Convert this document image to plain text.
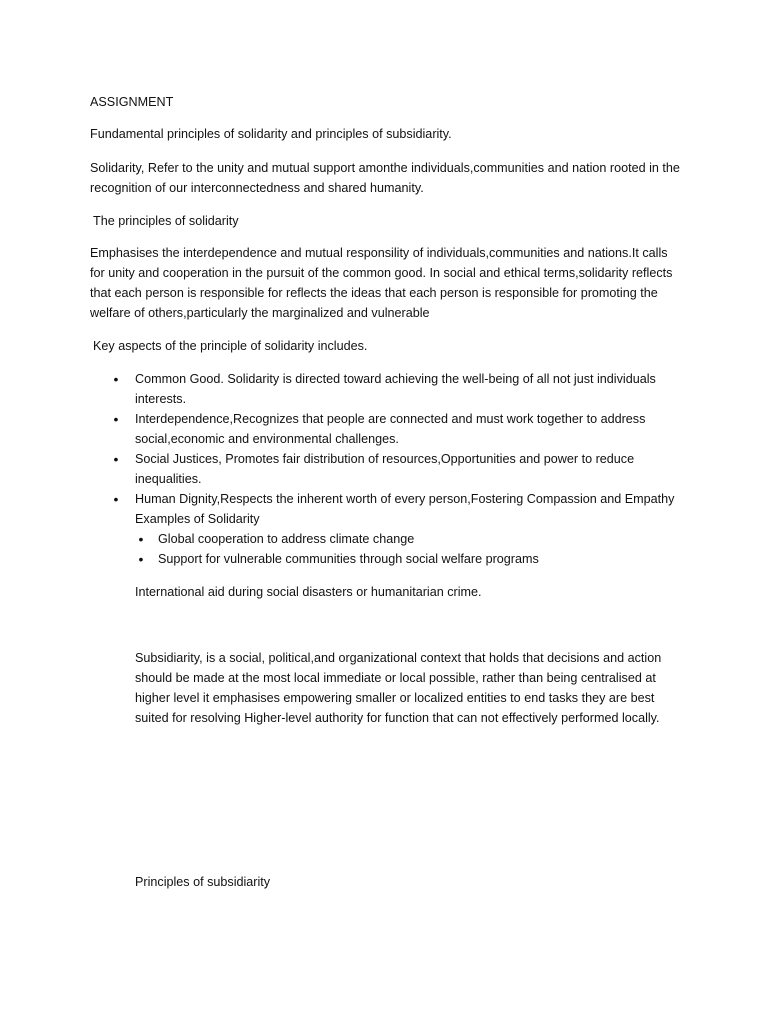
ASSIGNMENT

Fundamental principles of solidarity and principles of subsidiarity.

Solidarity, Refer to the unity and mutual support amonthe individuals,communities and nation rooted in the recognition of our interconnectedness and shared humanity.

The principles of solidarity

Emphasises the interdependence and mutual responsility of individuals,communities and nations.It calls for unity and cooperation in the pursuit of the common good. In social and ethical terms,solidarity reflects that each person is responsible for reflects the ideas that each person is responsible for promoting the welfare of others,particularly the marginalized and vulnerable

Key aspects of the principle of solidarity includes.

• Common Good. Solidarity is directed toward achieving the well-being of all not just individuals interests.
• Interdependence,Recognizes that people are connected and must work together to address social,economic and environmental challenges.
• Social Justices, Promotes fair distribution of resources,Opportunities and power to reduce inequalities.
• Human Dignity,Respects the inherent worth of every person,Fostering Compassion and Empathy Examples of Solidarity
• Global cooperation to address climate change
• Support for vulnerable communities through social welfare programs

International aid during social disasters or humanitarian crime.

Subsidiarity, is a social, political,and organizational context that holds that decisions and action should be made at the most local immediate or local possible, rather than being centralised at higher level it emphasises empowering smaller or localized entities to end tasks they are best suited for resolving Higher-level authority for function that can not effectively performed locally.

Principles of subsidiarity
